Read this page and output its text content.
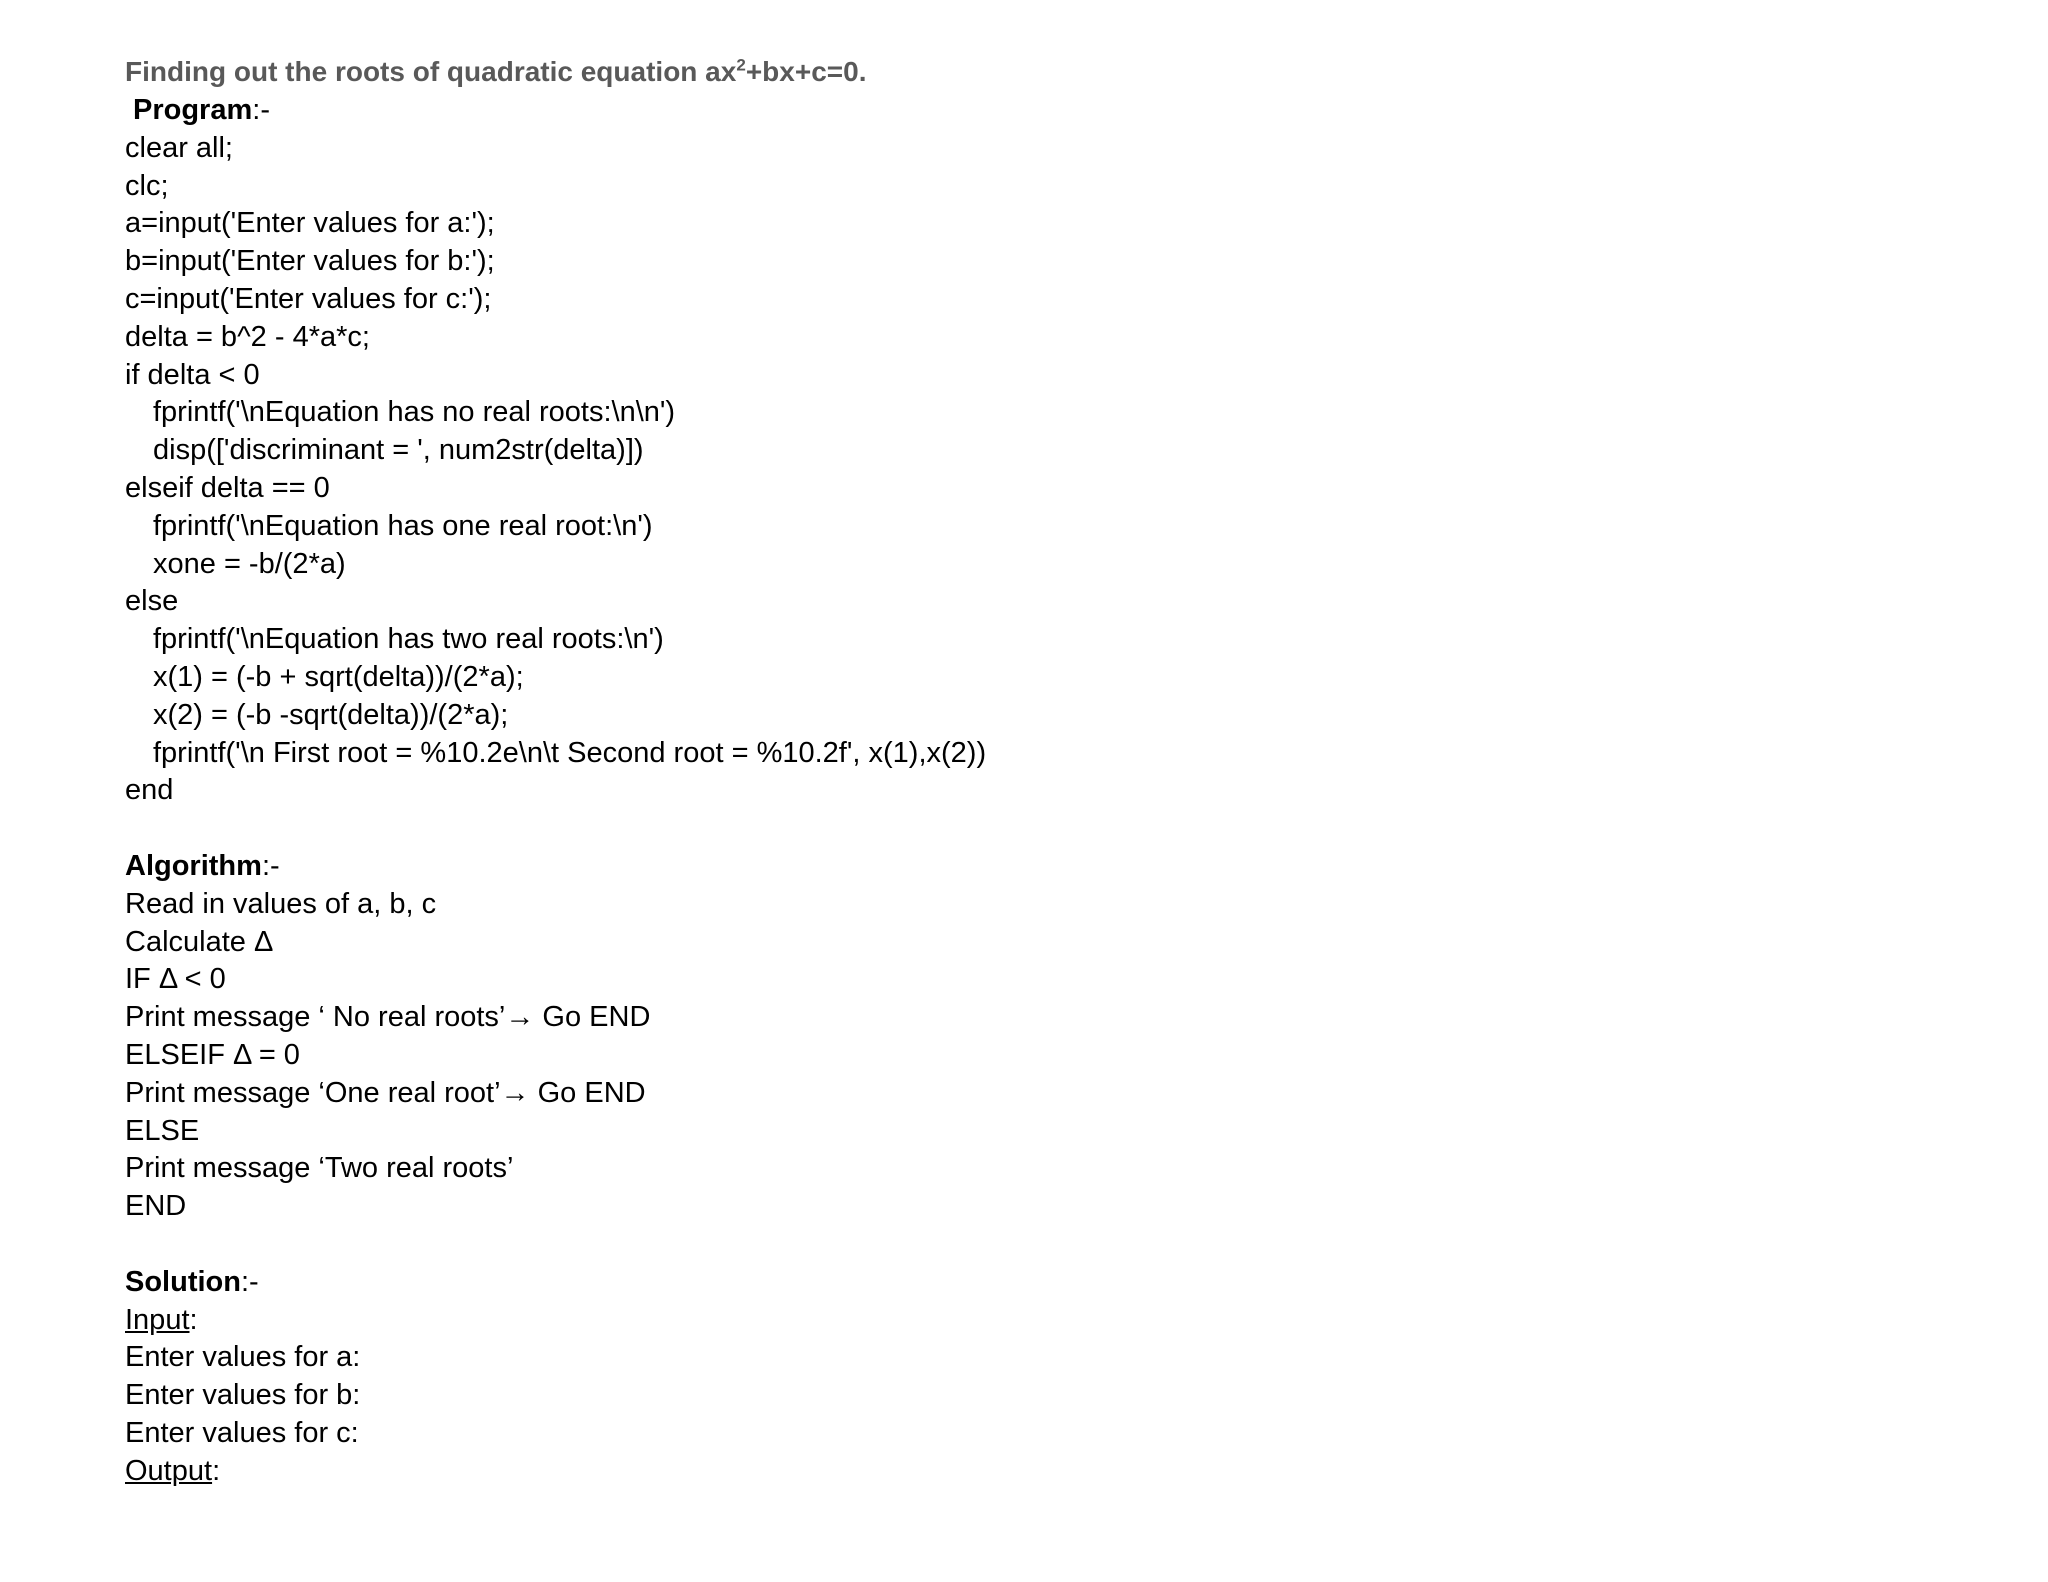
Finding out the roots of quadratic equation $ax^2+bx+c=0$.
Program:-
clear all;
clc;
a=input('Enter values for a:');
b=input('Enter values for b:');
c=input('Enter values for c:');
delta = b^2 - 4*a*c;
if delta < 0
fprintf('\nEquation has no real roots:\n\n')
disp(['discriminant = ', num2str(delta)])
elseif delta == 0
fprintf('\nEquation has one real root:\n')
xone = -b/(2*a)
else
fprintf('\nEquation has two real roots:\n')
x(1) = (-b + sqrt(delta))/(2*a);
x(2) = (-b -sqrt(delta))/(2*a);
fprintf('\n First root = %10.2e\n\t Second root = %10.2f', x(1),x(2))
end
Algorithm:-
Read in values of a, b, c
Calculate Δ
IF Δ < 0
Print message ‘ No real roots’→ Go END
ELSEIF Δ = 0
Print message ‘One real root’→ Go END
ELSE
Print message ‘Two real roots’
END
Solution:-
Input:
Enter values for a:
Enter values for b:
Enter values for c:
Output:
